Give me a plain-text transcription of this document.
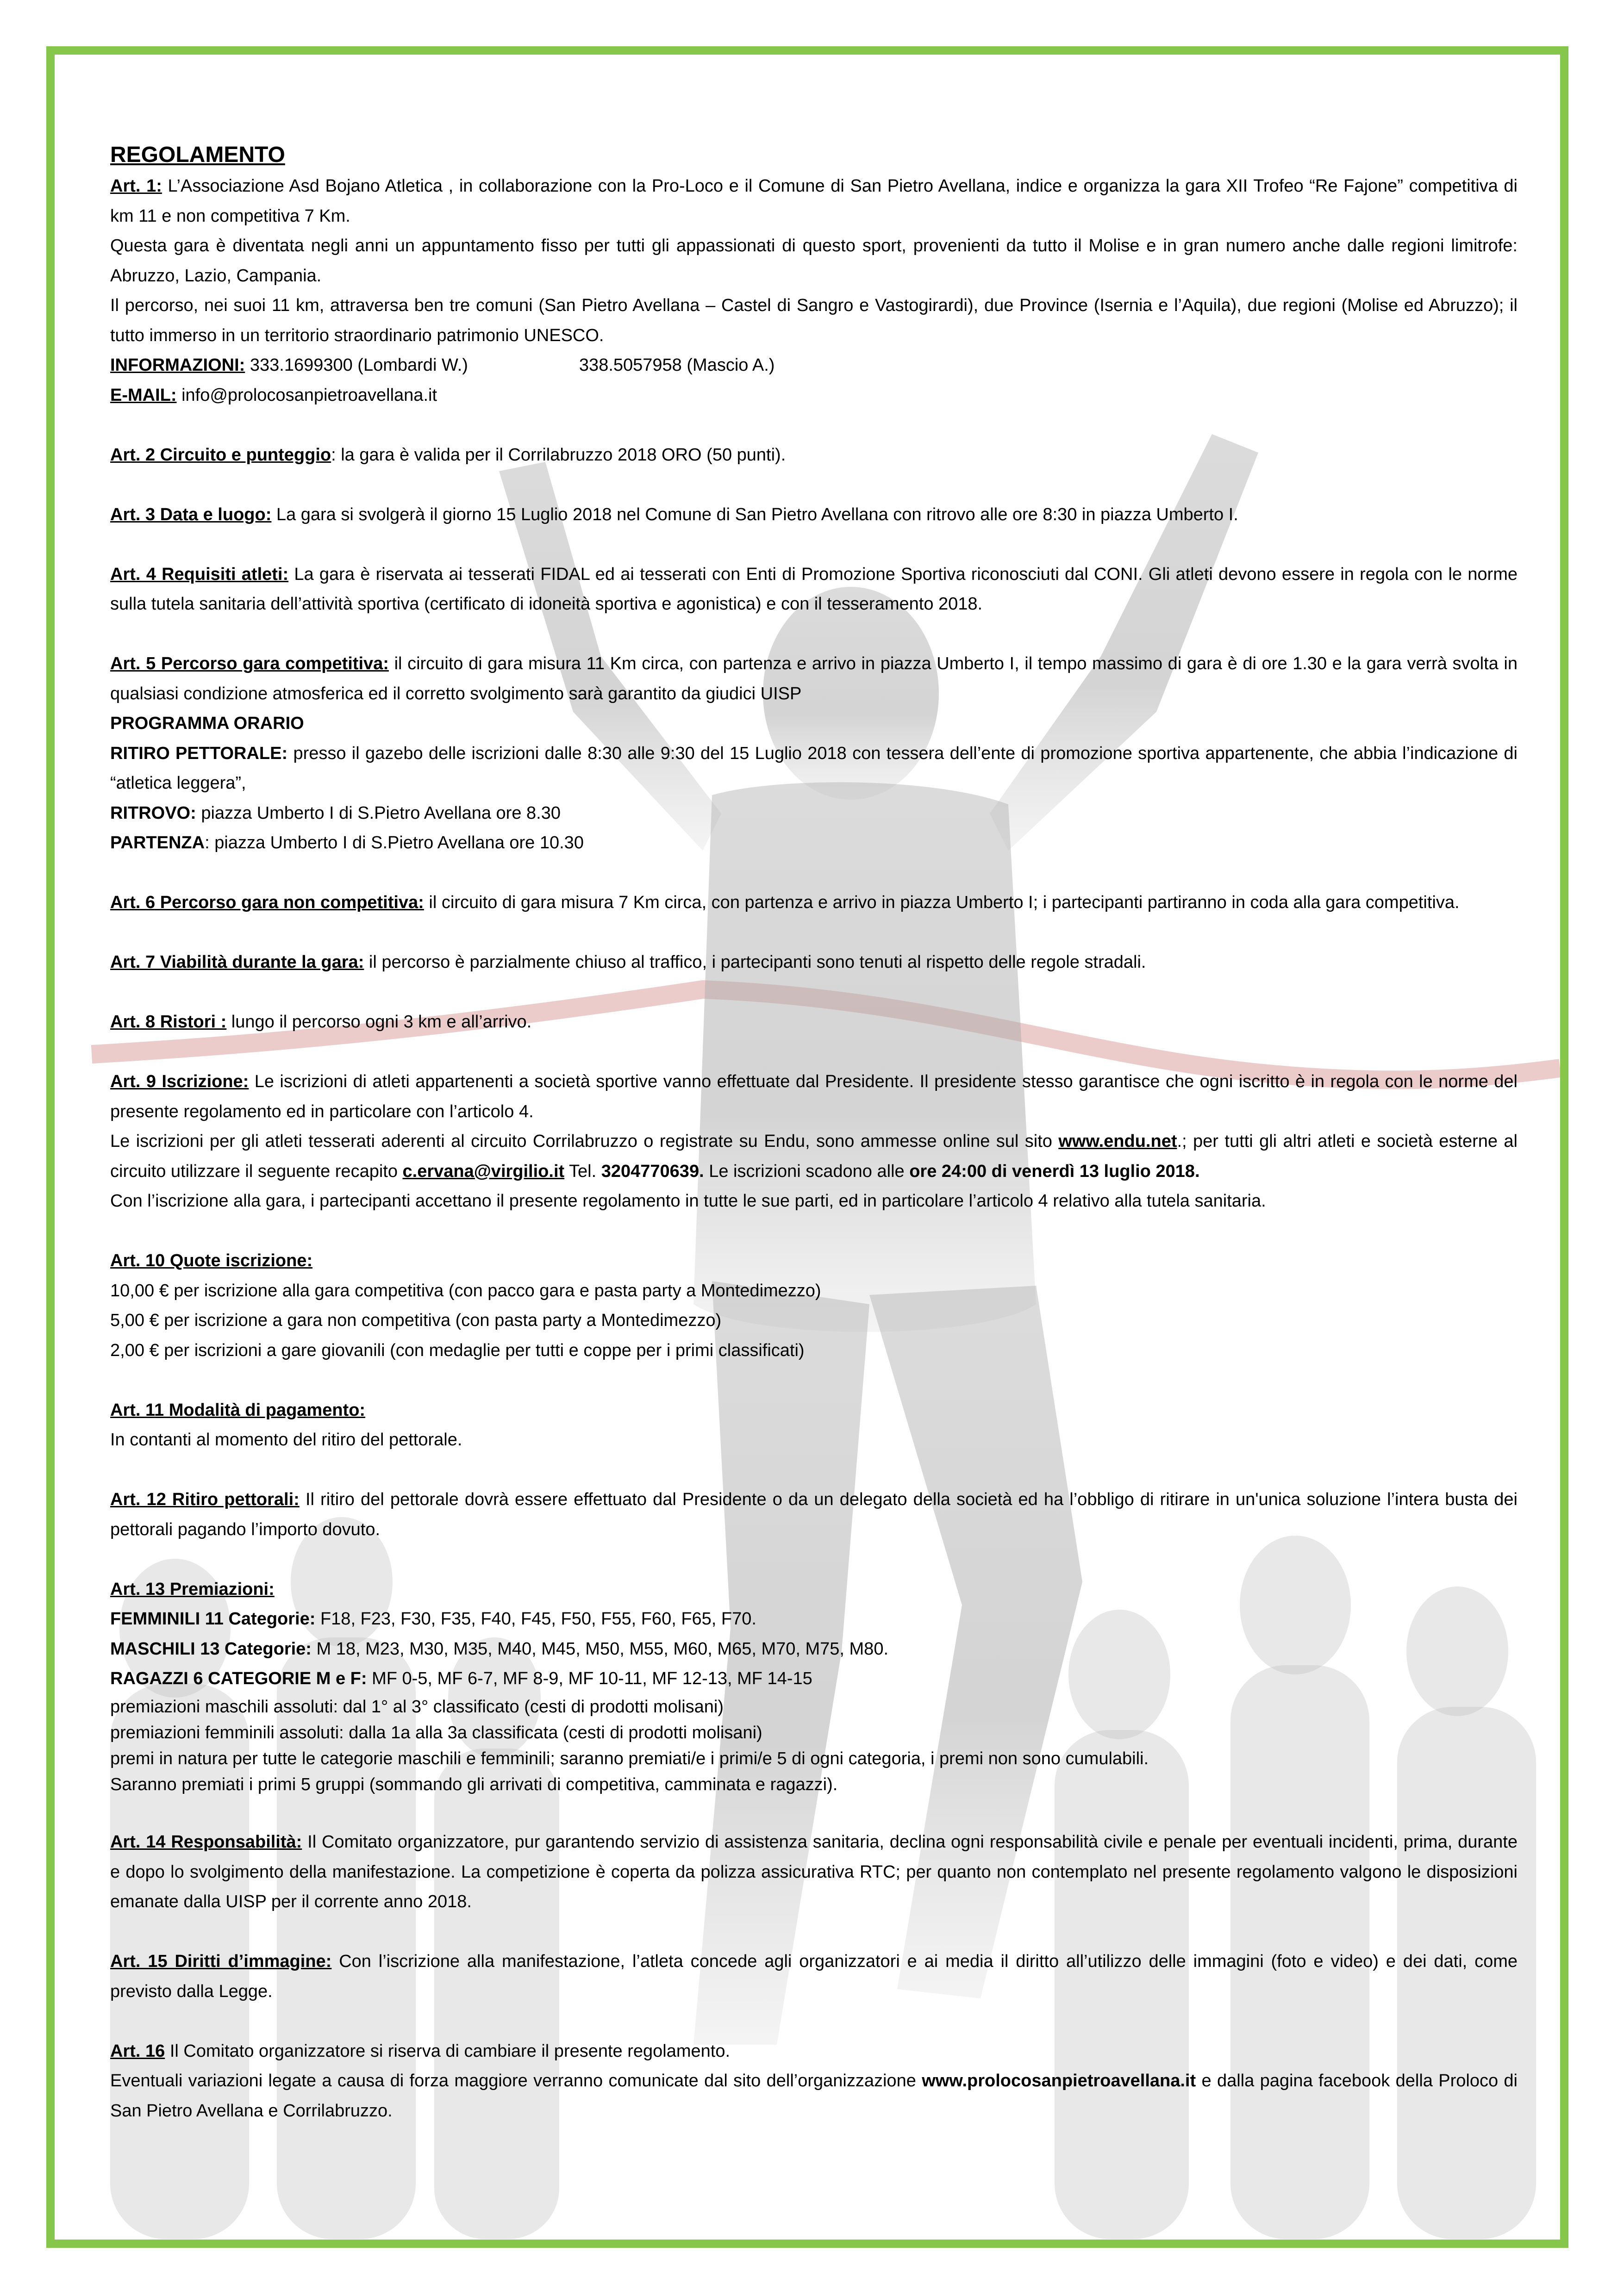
REGOLAMENTO

Art. 1: L’Associazione Asd Bojano Atletica , in collaborazione con la Pro-Loco e il Comune di San Pietro Avellana, indice e organizza la gara XII Trofeo “Re Fajone” competitiva di km 11 e non competitiva 7 Km.

Questa gara è diventata negli anni un appuntamento fisso per tutti gli appassionati di questo sport, provenienti da tutto il Molise e in gran numero anche dalle regioni limitrofe: Abruzzo, Lazio, Campania.

Il percorso, nei suoi 11 km, attraversa ben tre comuni (San Pietro Avellana – Castel di Sangro e Vastogirardi), due Province (Isernia e l’Aquila), due regioni (Molise ed Abruzzo); il tutto immerso in un territorio straordinario patrimonio UNESCO.

INFORMAZIONI: 333.1699300 (Lombardi W.)	338.5057958 (Mascio A.)

E-MAIL: info@prolocosanpietroavellana.it

Art. 2 Circuito e punteggio: la gara è valida per il Corrilabruzzo 2018 ORO (50 punti).

Art. 3 Data e luogo: La gara si svolgerà il giorno 15 Luglio 2018 nel Comune di San Pietro Avellana con ritrovo alle ore 8:30 in piazza Umberto I.

Art. 4 Requisiti atleti: La gara è riservata ai tesserati FIDAL ed ai tesserati con Enti di Promozione Sportiva riconosciuti dal CONI. Gli atleti devono essere in regola con le norme sulla tutela sanitaria dell’attività sportiva (certificato di idoneità sportiva e agonistica) e con il tesseramento 2018.

Art. 5 Percorso gara competitiva: il circuito di gara misura 11 Km circa, con partenza e arrivo in piazza Umberto I, il tempo massimo di gara è di ore 1.30 e la gara verrà svolta in qualsiasi condizione atmosferica ed il corretto svolgimento sarà garantito da giudici UISP

PROGRAMMA ORARIO

RITIRO PETTORALE: presso il gazebo delle iscrizioni dalle 8:30 alle 9:30 del 15 Luglio 2018 con tessera dell’ente di promozione sportiva appartenente, che abbia l’indicazione di “atletica leggera”,

RITROVO: piazza Umberto I di S.Pietro Avellana ore 8.30

PARTENZA: piazza Umberto I di S.Pietro Avellana ore 10.30

Art. 6 Percorso gara non competitiva: il circuito di gara misura 7 Km circa, con partenza e arrivo in piazza Umberto I; i partecipanti partiranno in coda alla gara competitiva.

Art. 7 Viabilità durante la gara: il percorso è parzialmente chiuso al traffico, i partecipanti sono tenuti al rispetto delle regole stradali.

Art. 8 Ristori : lungo il percorso ogni 3 km e all’arrivo.

Art. 9 Iscrizione: Le iscrizioni di atleti appartenenti a società sportive vanno effettuate dal Presidente. Il presidente stesso garantisce che ogni iscritto è in regola con le norme del presente regolamento ed in particolare con l’articolo 4.

Le iscrizioni per gli atleti tesserati aderenti al circuito Corrilabruzzo o registrate su Endu, sono ammesse online sul sito www.endu.net.; per tutti gli altri atleti e società esterne al circuito utilizzare il seguente recapito c.ervana@virgilio.it Tel. 3204770639. Le iscrizioni scadono alle ore 24:00 di venerdì 13 luglio 2018.

Con l’iscrizione alla gara, i partecipanti accettano il presente regolamento in tutte le sue parti, ed in particolare l’articolo 4 relativo alla tutela sanitaria.

Art. 10 Quote iscrizione:

10,00 € per iscrizione alla gara competitiva (con pacco gara e pasta party a Montedimezzo)

5,00 € per iscrizione a gara non competitiva (con pasta party a Montedimezzo)

2,00 € per iscrizioni a gare giovanili (con medaglie per tutti e coppe per i primi classificati)

Art. 11 Modalità di pagamento:

In contanti al momento del ritiro del pettorale.

Art. 12 Ritiro pettorali: Il ritiro del pettorale dovrà essere effettuato dal Presidente o da un delegato della società ed ha l’obbligo di ritirare in un'unica soluzione l’intera busta dei pettorali pagando l’importo dovuto.

Art. 13 Premiazioni:

FEMMINILI 11 Categorie: F18, F23, F30, F35, F40, F45, F50, F55, F60, F65, F70.

MASCHILI 13 Categorie: M 18, M23, M30, M35, M40, M45, M50, M55, M60, M65, M70, M75, M80.

RAGAZZI 6 CATEGORIE M e F: MF 0-5, MF 6-7, MF 8-9, MF 10-11, MF 12-13, MF 14-15

premiazioni maschili assoluti: dal 1° al 3° classificato (cesti di prodotti molisani)

premiazioni femminili assoluti: dalla 1a alla 3a classificata (cesti di prodotti molisani)

premi in natura per tutte le categorie maschili e femminili; saranno premiati/e i primi/e 5 di ogni categoria, i premi non sono cumulabili.

Saranno premiati i primi 5 gruppi (sommando gli arrivati di competitiva, camminata e ragazzi).

Art. 14 Responsabilità: Il Comitato organizzatore, pur garantendo servizio di assistenza sanitaria, declina ogni responsabilità civile e penale per eventuali incidenti, prima, durante e dopo lo svolgimento della manifestazione. La competizione è coperta da polizza assicurativa RTC; per quanto non contemplato nel presente regolamento valgono le disposizioni emanate dalla UISP per il corrente anno 2018.

Art. 15 Diritti d’immagine: Con l’iscrizione alla manifestazione, l’atleta concede agli organizzatori e ai media il diritto all’utilizzo delle immagini (foto e video) e dei dati, come previsto dalla Legge.

Art. 16 Il Comitato organizzatore si riserva di cambiare il presente regolamento.

Eventuali variazioni legate a causa di forza maggiore verranno comunicate dal sito dell’organizzazione www.prolocosanpietroavellana.it e dalla pagina facebook della Proloco di San Pietro Avellana e Corrilabruzzo.
